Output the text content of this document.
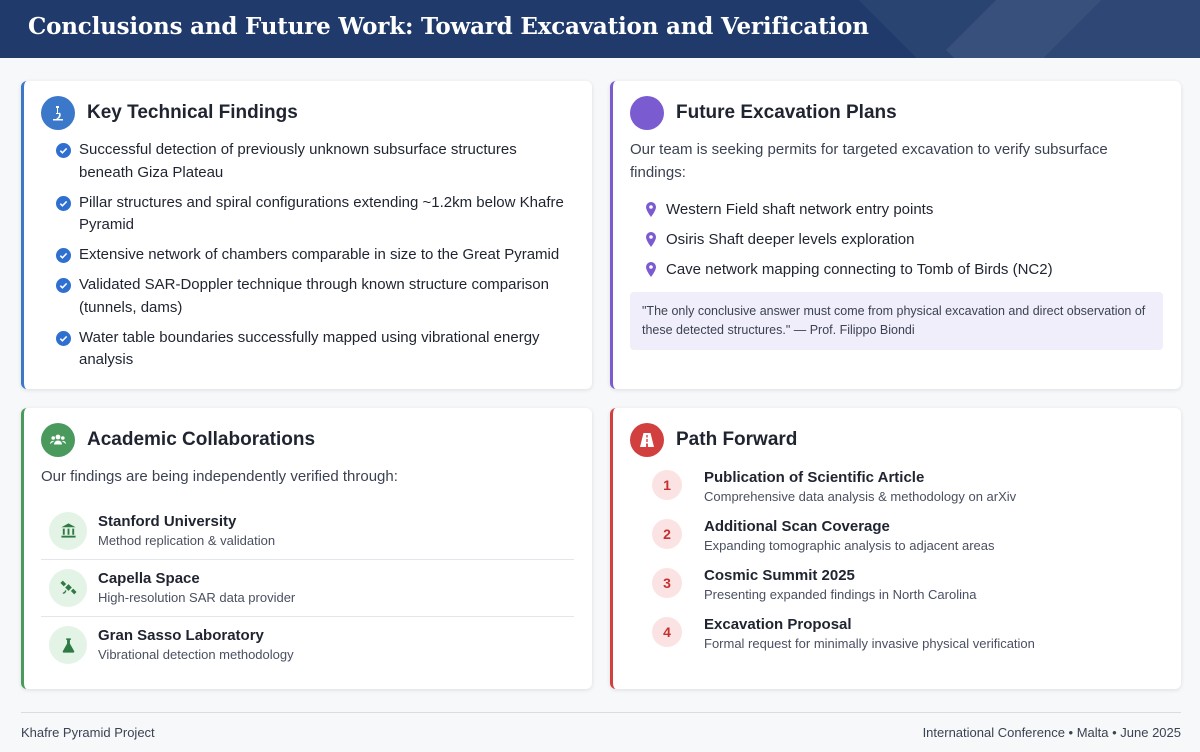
Conclusions and Future Work: Toward Excavation and Verification
Key Technical Findings
Successful detection of previously unknown subsurface structures beneath Giza Plateau
Pillar structures and spiral configurations extending ~1.2km below Khafre Pyramid
Extensive network of chambers comparable in size to the Great Pyramid
Validated SAR-Doppler technique through known structure comparison (tunnels, dams)
Water table boundaries successfully mapped using vibrational energy analysis
Future Excavation Plans
Our team is seeking permits for targeted excavation to verify subsurface findings:
Western Field shaft network entry points
Osiris Shaft deeper levels exploration
Cave network mapping connecting to Tomb of Birds (NC2)
"The only conclusive answer must come from physical excavation and direct observation of these detected structures." — Prof. Filippo Biondi
Academic Collaborations
Our findings are being independently verified through:
Stanford University
Method replication & validation
Capella Space
High-resolution SAR data provider
Gran Sasso Laboratory
Vibrational detection methodology
Path Forward
1	Publication of Scientific Article
Comprehensive data analysis & methodology on arXiv
2	Additional Scan Coverage
Expanding tomographic analysis to adjacent areas
3	Cosmic Summit 2025
Presenting expanded findings in North Carolina
4	Excavation Proposal
Formal request for minimally invasive physical verification
Khafre Pyramid Project	International Conference • Malta • June 2025
